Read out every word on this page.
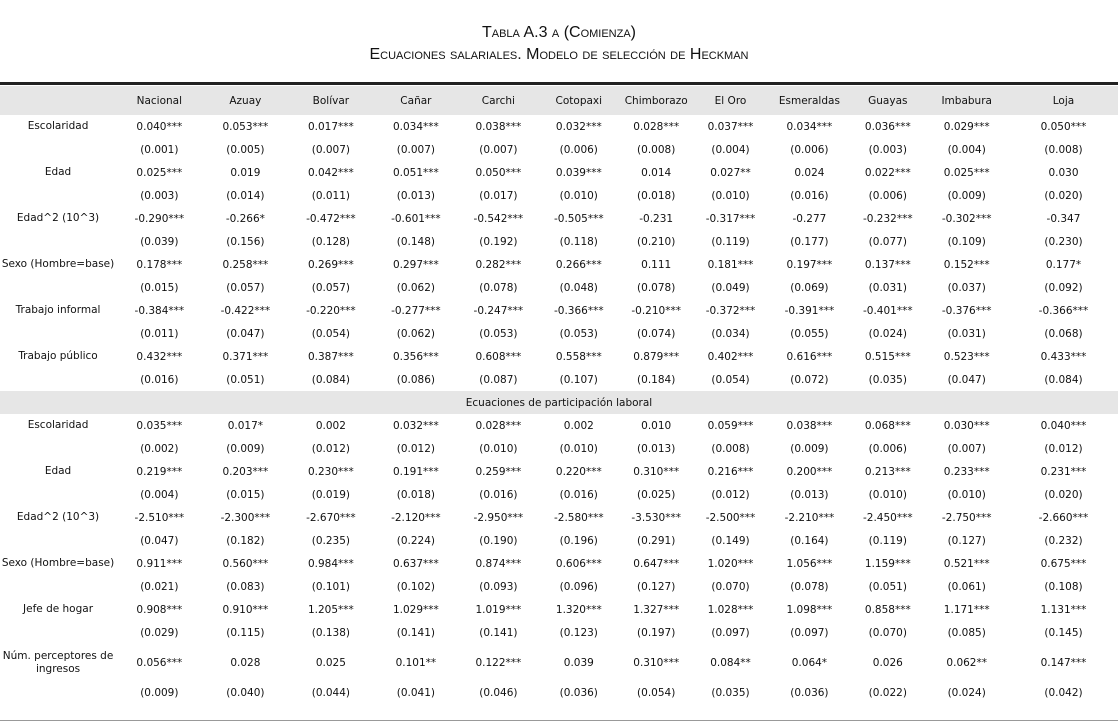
Tabla A.3 a (Comienza)
Ecuaciones salariales. Modelo de selección de Heckman
	Nacional	Azuay	Bolívar	Cañar	Carchi	Cotopaxi	Chimborazo	El Oro	Esmeraldas	Guayas	Imbabura	Loja
Escolaridad	0.040***	0.053***	0.017***	0.034***	0.038***	0.032***	0.028***	0.037***	0.034***	0.036***	0.029***	0.050***
	(0.001)	(0.005)	(0.007)	(0.007)	(0.007)	(0.006)	(0.008)	(0.004)	(0.006)	(0.003)	(0.004)	(0.008)
Edad	0.025***	0.019	0.042***	0.051***	0.050***	0.039***	0.014	0.027**	0.024	0.022***	0.025***	0.030
	(0.003)	(0.014)	(0.011)	(0.013)	(0.017)	(0.010)	(0.018)	(0.010)	(0.016)	(0.006)	(0.009)	(0.020)
Edad^2 (10^3)	-0.290***	-0.266*	-0.472***	-0.601***	-0.542***	-0.505***	-0.231	-0.317***	-0.277	-0.232***	-0.302***	-0.347
	(0.039)	(0.156)	(0.128)	(0.148)	(0.192)	(0.118)	(0.210)	(0.119)	(0.177)	(0.077)	(0.109)	(0.230)
Sexo (Hombre=base)	0.178***	0.258***	0.269***	0.297***	0.282***	0.266***	0.111	0.181***	0.197***	0.137***	0.152***	0.177*
	(0.015)	(0.057)	(0.057)	(0.062)	(0.078)	(0.048)	(0.078)	(0.049)	(0.069)	(0.031)	(0.037)	(0.092)
Trabajo informal	-0.384***	-0.422***	-0.220***	-0.277***	-0.247***	-0.366***	-0.210***	-0.372***	-0.391***	-0.401***	-0.376***	-0.366***
	(0.011)	(0.047)	(0.054)	(0.062)	(0.053)	(0.053)	(0.074)	(0.034)	(0.055)	(0.024)	(0.031)	(0.068)
Trabajo público	0.432***	0.371***	0.387***	0.356***	0.608***	0.558***	0.879***	0.402***	0.616***	0.515***	0.523***	0.433***
	(0.016)	(0.051)	(0.084)	(0.086)	(0.087)	(0.107)	(0.184)	(0.054)	(0.072)	(0.035)	(0.047)	(0.084)
Ecuaciones de participación laboral												
Escolaridad	0.035***	0.017*	0.002	0.032***	0.028***	0.002	0.010	0.059***	0.038***	0.068***	0.030***	0.040***
	(0.002)	(0.009)	(0.012)	(0.012)	(0.010)	(0.010)	(0.013)	(0.008)	(0.009)	(0.006)	(0.007)	(0.012)
Edad	0.219***	0.203***	0.230***	0.191***	0.259***	0.220***	0.310***	0.216***	0.200***	0.213***	0.233***	0.231***
	(0.004)	(0.015)	(0.019)	(0.018)	(0.016)	(0.016)	(0.025)	(0.012)	(0.013)	(0.010)	(0.010)	(0.020)
Edad^2 (10^3)	-2.510***	-2.300***	-2.670***	-2.120***	-2.950***	-2.580***	-3.530***	-2.500***	-2.210***	-2.450***	-2.750***	-2.660***
	(0.047)	(0.182)	(0.235)	(0.224)	(0.190)	(0.196)	(0.291)	(0.149)	(0.164)	(0.119)	(0.127)	(0.232)
Sexo (Hombre=base)	0.911***	0.560***	0.984***	0.637***	0.874***	0.606***	0.647***	1.020***	1.056***	1.159***	0.521***	0.675***
	(0.021)	(0.083)	(0.101)	(0.102)	(0.093)	(0.096)	(0.127)	(0.070)	(0.078)	(0.051)	(0.061)	(0.108)
Jefe de hogar	0.908***	0.910***	1.205***	1.029***	1.019***	1.320***	1.327***	1.028***	1.098***	0.858***	1.171***	1.131***
	(0.029)	(0.115)	(0.138)	(0.141)	(0.141)	(0.123)	(0.197)	(0.097)	(0.097)	(0.070)	(0.085)	(0.145)
Núm. perceptores de ingresos	0.056***	0.028	0.025	0.101**	0.122***	0.039	0.310***	0.084**	0.064*	0.026	0.062**	0.147***
	(0.009)	(0.040)	(0.044)	(0.041)	(0.046)	(0.036)	(0.054)	(0.035)	(0.036)	(0.022)	(0.024)	(0.042)
